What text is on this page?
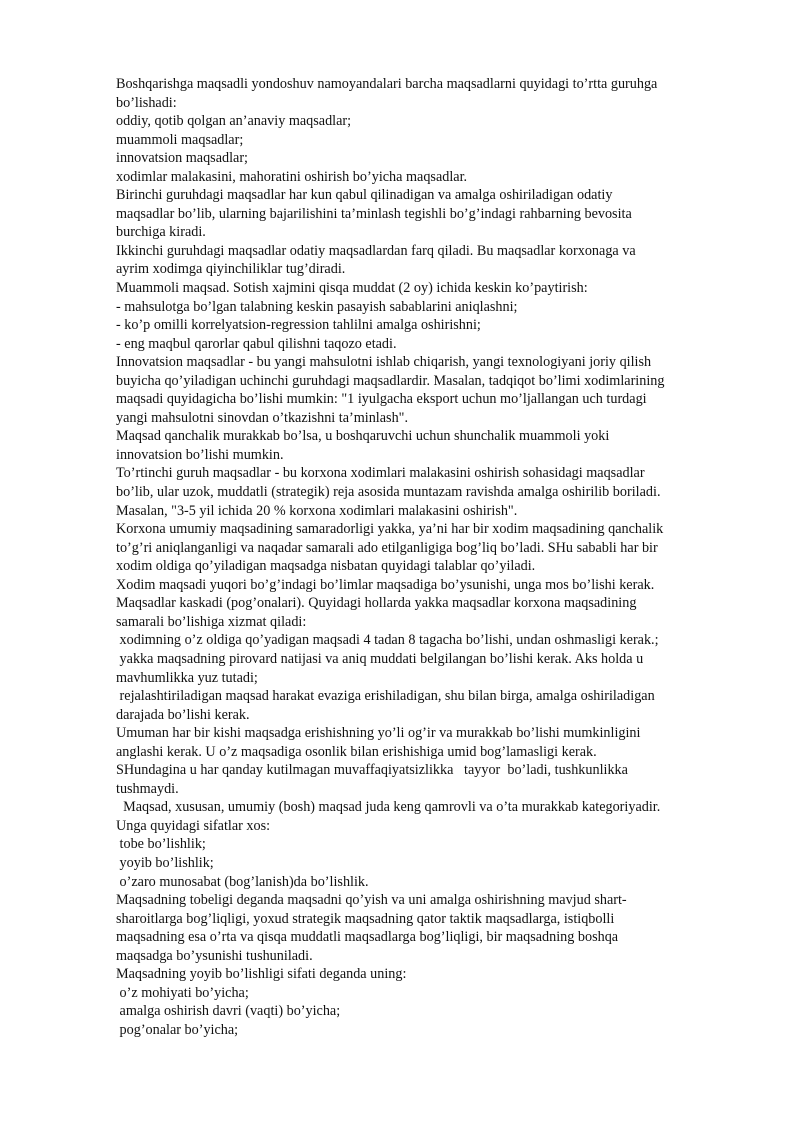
Boshqarishga maqsadli yondoshuv namoyandalari barcha maqsadlarni quyidagi to’rtta guruhga
bo’lishadi:
oddiy, qotib qolgan an’anaviy maqsadlar;
muammoli maqsadlar;
innovatsion maqsadlar;
xodimlar malakasini, mahoratini oshirish bo’yicha maqsadlar.
Birinchi guruhdagi maqsadlar har kun qabul qilinadigan va amalga oshiriladigan odatiy
maqsadlar bo’lib, ularning bajarilishini ta’minlash tegishli bo’g’indagi rahbarning bevosita
burchiga kiradi.
Ikkinchi guruhdagi maqsadlar odatiy maqsadlardan farq qiladi. Bu maqsadlar korxonaga va
ayrim xodimga qiyinchiliklar tug’diradi.
Muammoli maqsad. Sotish xajmini qisqa muddat (2 oy) ichida keskin ko’paytirish:
- mahsulotga bo’lgan talabning keskin pasayish sabablarini aniqlashni;
- ko’p omilli korrelyatsion-regression tahlilni amalga oshirishni;
- eng maqbul qarorlar qabul qilishni taqozo etadi.
Innovatsion maqsadlar - bu yangi mahsulotni ishlab chiqarish, yangi texnologiyani joriy qilish
buyicha qo’yiladigan uchinchi guruhdagi maqsadlardir. Masalan, tadqiqot bo’limi xodimlarining
maqsadi quyidagicha bo’lishi mumkin: "1 iyulgacha eksport uchun mo’ljallangan uch turdagi
yangi mahsulotni sinovdan o’tkazishni ta’minlash".
Maqsad qanchalik murakkab bo’lsa, u boshqaruvchi uchun shunchalik muammoli yoki
innovatsion bo’lishi mumkin.
To’rtinchi guruh maqsadlar - bu korxona xodimlari malakasini oshirish sohasidagi maqsadlar
bo’lib, ular uzok, muddatli (strategik) reja asosida muntazam ravishda amalga oshirilib boriladi.
Masalan, "3-5 yil ichida 20 % korxona xodimlari malakasini oshirish".
Korxona umumiy maqsadining samaradorligi yakka, ya’ni har bir xodim maqsadining qanchalik
to’g’ri aniqlanganligi va naqadar samarali ado etilganligiga bog’liq bo’ladi. SHu sababli har bir
xodim oldiga qo’yiladigan maqsadga nisbatan quyidagi talablar qo’yiladi.
Xodim maqsadi yuqori bo’g’indagi bo’limlar maqsadiga bo’ysunishi, unga mos bo’lishi kerak.
Maqsadlar kaskadi (pog’onalari). Quyidagi hollarda yakka maqsadlar korxona maqsadining
samarali bo’lishiga xizmat qiladi:
xodimning o’z oldiga qo’yadigan maqsadi 4 tadan 8 tagacha bo’lishi, undan oshmasligi kerak.;
yakka maqsadning pirovard natijasi va aniq muddati belgilangan bo’lishi kerak. Aks holda u
mavhumlikka yuz tutadi;
rejalashtiriladigan maqsad harakat evaziga erishiladigan, shu bilan birga, amalga oshiriladigan
darajada bo’lishi kerak.
Umuman har bir kishi maqsadga erishishning yo’li og’ir va murakkab bo’lishi mumkinligini
anglashi kerak. U o’z maqsadiga osonlik bilan erishishiga umid bog’lamasligi kerak.
SHundagina u har qanday kutilmagan muvaffaqiyatsizlikka   tayyor  bo’ladi, tushkunlikka
tushmaydi.
Maqsad, xususan, umumiy (bosh) maqsad juda keng qamrovli va o’ta murakkab kategoriyadir.
Unga quyidagi sifatlar xos:
tobe bo’lishlik;
yoyib bo’lishlik;
o’zaro munosabat (bog’lanish)da bo’lishlik.
Maqsadning tobeligi deganda maqsadni qo’yish va uni amalga oshirishning mavjud shart-
sharoitlarga bog’liqligi, yoxud strategik maqsadning qator taktik maqsadlarga, istiqbolli
maqsadning esa o’rta va qisqa muddatli maqsadlarga bog’liqligi, bir maqsadning boshqa
maqsadga bo’ysunishi tushuniladi.
Maqsadning yoyib bo’lishligi sifati deganda uning:
o’z mohiyati bo’yicha;
amalga oshirish davri (vaqti) bo’yicha;
pog’onalar bo’yicha;
